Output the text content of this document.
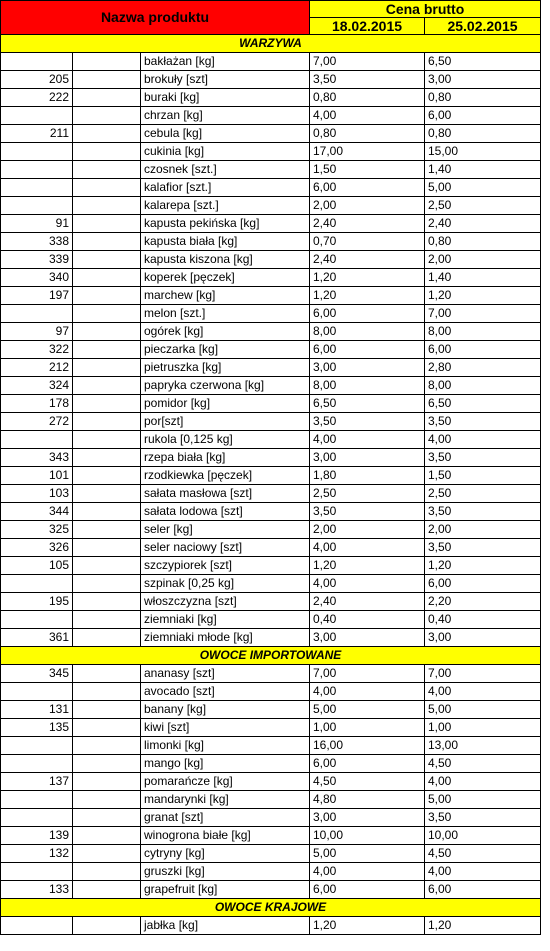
Nazwa produktu			Cena brutto	
			18.02.2015	25.02.2015
WARZYWA				
		bakłażan [kg]	7,00	6,50
205		brokuły [szt]	3,50	3,00
222		buraki [kg]	0,80	0,80
		chrzan [kg]	4,00	6,00
211		cebula [kg]	0,80	0,80
		cukinia [kg]	17,00	15,00
		czosnek [szt.]	1,50	1,40
		kalafior [szt.]	6,00	5,00
		kalarepa [szt.]	2,00	2,50
91		kapusta pekińska [kg]	2,40	2,40
338		kapusta biała [kg]	0,70	0,80
339		kapusta kiszona [kg]	2,40	2,00
340		koperek [pęczek]	1,20	1,40
197		marchew [kg]	1,20	1,20
		melon [szt.]	6,00	7,00
97		ogórek [kg]	8,00	8,00
322		pieczarka [kg]	6,00	6,00
212		pietruszka [kg]	3,00	2,80
324		papryka czerwona [kg]	8,00	8,00
178		pomidor [kg]	6,50	6,50
272		por[szt]	3,50	3,50
		rukola [0,125 kg]	4,00	4,00
343		rzepa biała [kg]	3,00	3,50
101		rzodkiewka [pęczek]	1,80	1,50
103		sałata masłowa [szt]	2,50	2,50
344		sałata lodowa [szt]	3,50	3,50
325		seler [kg]	2,00	2,00
326		seler naciowy [szt]	4,00	3,50
105		szczypiorek [szt]	1,20	1,20
		szpinak [0,25 kg]	4,00	6,00
195		włoszczyzna [szt]	2,40	2,20
		ziemniaki [kg]	0,40	0,40
361		ziemniaki młode [kg]	3,00	3,00
OWOCE IMPORTOWANE				
345		ananasy [szt]	7,00	7,00
		avocado [szt]	4,00	4,00
131		banany [kg]	5,00	5,00
135		kiwi [szt]	1,00	1,00
		limonki [kg]	16,00	13,00
		mango [kg]	6,00	4,50
137		pomarańcze [kg]	4,50	4,00
		mandarynki [kg]	4,80	5,00
		granat [szt]	3,00	3,50
139		winogrona białe [kg]	10,00	10,00
132		cytryny [kg]	5,00	4,50
		gruszki [kg]	4,00	4,00
133		grapefruit [kg]	6,00	6,00
OWOCE KRAJOWE				
		jabłka [kg]	1,20	1,20
